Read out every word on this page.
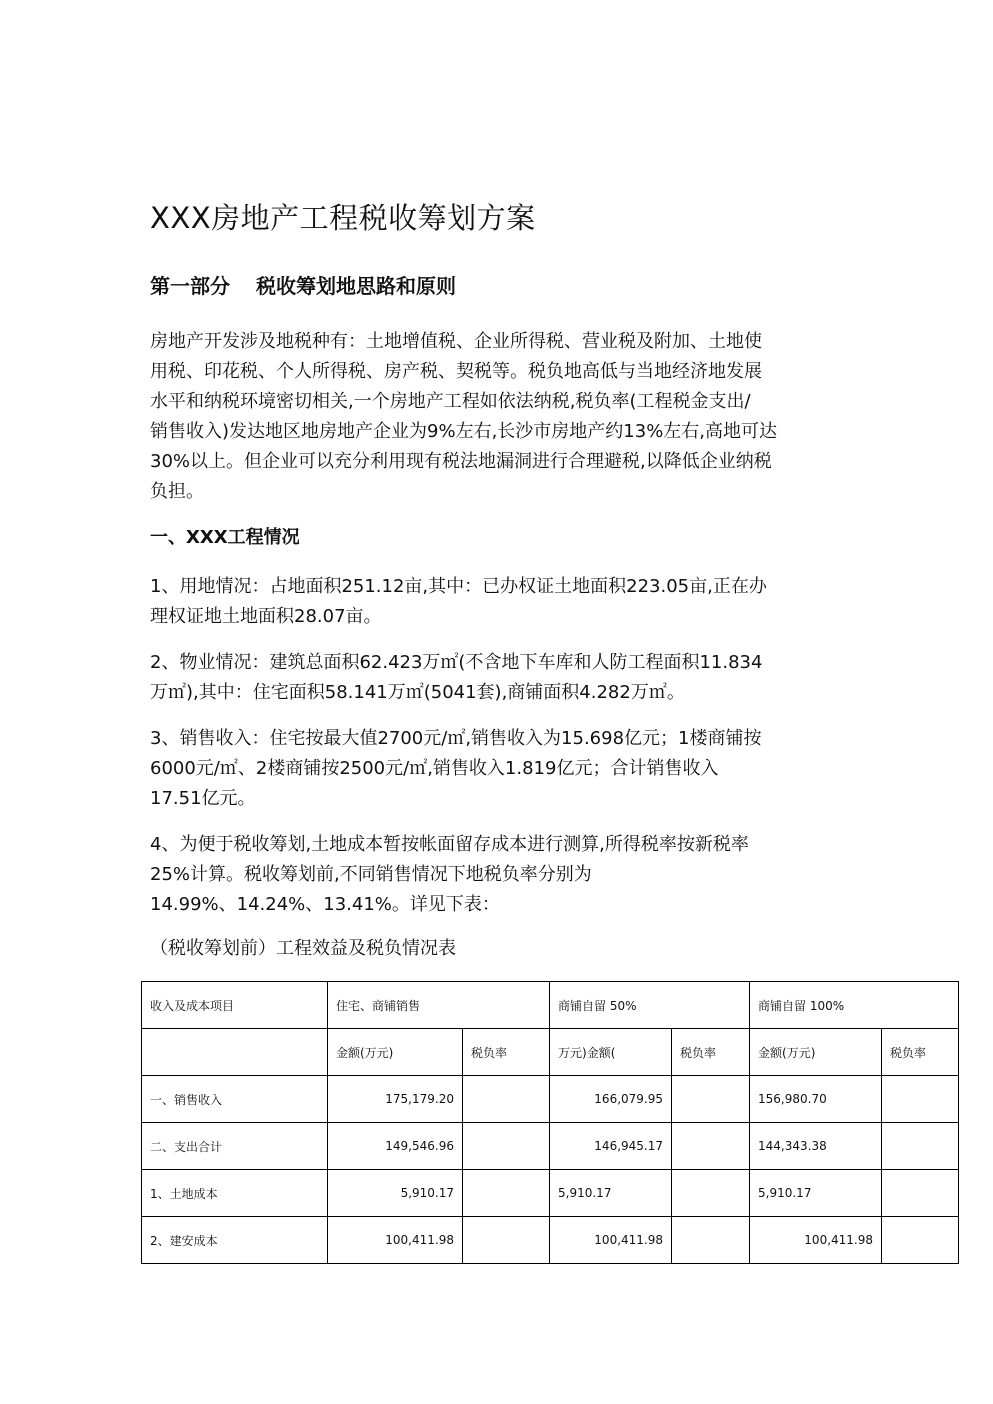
XXX房地产工程税收筹划方案
第一部分 税收筹划地思路和原则
房地产开发涉及地税种有：土地增值税、企业所得税、营业税及附加、土地使
用税、印花税、个人所得税、房产税、契税等。税负地高低与当地经济地发展
水平和纳税环境密切相关,一个房地产工程如依法纳税,税负率(工程税金支出/
销售收入)发达地区地房地产企业为9%左右,长沙市房地产约13%左右,高地可达
30%以上。但企业可以充分利用现有税法地漏洞进行合理避税,以降低企业纳税
负担。
一、XXX工程情况
1、用地情况：占地面积251.12亩,其中：已办权证土地面积223.05亩,正在办
理权证地土地面积28.07亩。
2、物业情况：建筑总面积62.423万㎡(不含地下车库和人防工程面积11.834
万㎡),其中：住宅面积58.141万㎡(5041套),商铺面积4.282万㎡。
3、销售收入：住宅按最大值2700元/㎡,销售收入为15.698亿元；1楼商铺按
6000元/㎡、2楼商铺按2500元/㎡,销售收入1.819亿元；合计销售收入
17.51亿元。
4、为便于税收筹划,土地成本暂按帐面留存成本进行测算,所得税率按新税率
25%计算。税收筹划前,不同销售情况下地税负率分别为
14.99%、14.24%、13.41%。详见下表：
（税收筹划前）工程效益及税负情况表
收入及成本项目	住宅、商铺销售		商铺自留 50%		商铺自留 100%	
	金额(万元)	税负率	万元)金额(	税负率	金额(万元)	税负率
一、销售收入	175,179.20		166,079.95		156,980.70	
二、支出合计	149,546.96		146,945.17		144,343.38	
1、土地成本	5,910.17		5,910.17		5,910.17	
2、建安成本	100,411.98		100,411.98		100,411.98	
